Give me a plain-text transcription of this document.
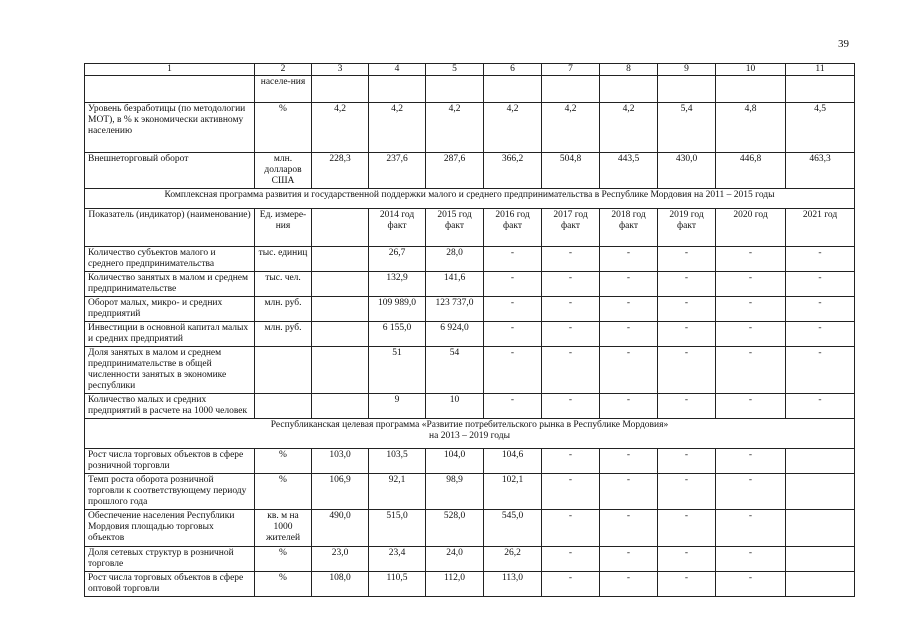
39
1	2	3	4	5	6	7	8	9	10	11
	населе-ния									
Уровень безработицы (по методологии МОТ), в % к экономически активному населению	%	4,2	4,2	4,2	4,2	4,2	4,2	5,4	4,8	4,5
Внешнеторговый оборот	млн. долларов США	228,3	237,6	287,6	366,2	504,8	443,5	430,0	446,8	463,3
Комплексная программа развития и государственной поддержки малого и среднего предпринимательства в Республике Мордовия на 2011 – 2015 годы										
Показатель (индикатор) (наименование)	Ед. измере-ния		2014 год факт	2015 год факт	2016 год факт	2017 год факт	2018 год факт	2019 год факт	2020 год	2021 год
Количество субъектов малого и среднего предпринимательства	тыс. единиц		26,7	28,0	-	-	-	-	-	-
Количество занятых в малом и среднем предпринимательстве	тыс. чел.		132,9	141,6	-	-	-	-	-	-
Оборот малых, микро- и средних предприятий	млн. руб.		109 989,0	123 737,0	-	-	-	-	-	-
Инвестиции в основной капитал малых и средних предприятий	млн. руб.		6 155,0	6 924,0	-	-	-	-	-	-
Доля занятых в малом и среднем предпринимательстве в общей численности занятых в экономике республики			51	54	-	-	-	-	-	-
Количество малых и средних предприятий в расчете на 1000 человек			9	10	-	-	-	-	-	-

Республиканская целевая программа «Развитие потребительского рынка в Республике Мордовия»
на 2013 – 2019 годы										

Рост числа торговых объектов в сфере розничной торговли	%	103,0	103,5	104,0	104,6	-	-	-	-	
Темп роста оборота розничной торговли к соответствующему периоду прошлого года	%	106,9	92,1	98,9	102,1	-	-	-	-	
Обеспечение населения Республики Мордовия площадью торговых объектов	кв. м на 1000 жителей	490,0	515,0	528,0	545,0	-	-	-	-	
Доля сетевых структур в розничной торговле	%	23,0	23,4	24,0	26,2	-	-	-	-	
Рост числа торговых объектов в сфере оптовой торговли	%	108,0	110,5	112,0	113,0	-	-	-	-	
